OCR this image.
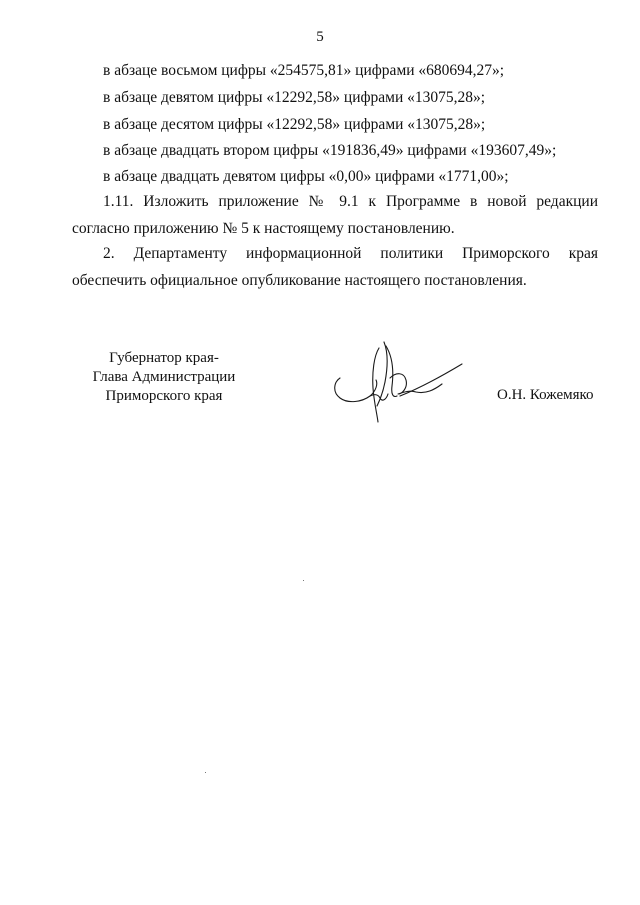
5
в абзаце восьмом цифры «254575,81» цифрами «680694,27»;
в абзаце девятом цифры «12292,58» цифрами «13075,28»;
в абзаце десятом цифры «12292,58» цифрами «13075,28»;
в абзаце двадцать втором цифры «191836,49» цифрами «193607,49»;
в абзаце двадцать девятом цифры «0,00» цифрами «1771,00»;

1.11. Изложить приложение № 9.1 к Программе в новой редакции согласно приложению № 5 к настоящему постановлению.

2. Департаменту информационной политики Приморского края обеспечить официальное опубликование настоящего постановления.

Губернатор края-
Глава Администрации
Приморского края	О.Н. Кожемяко
